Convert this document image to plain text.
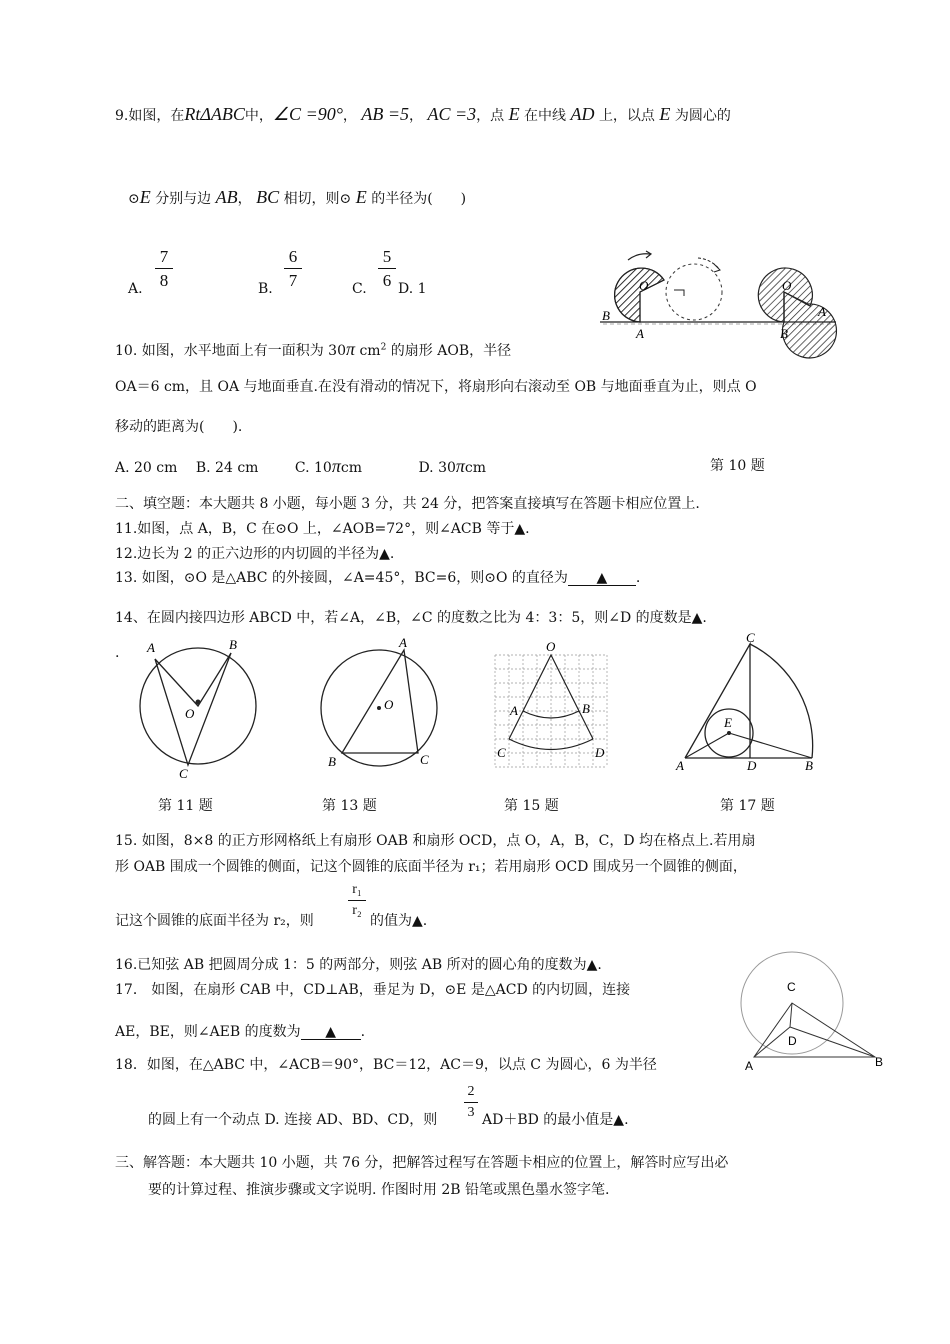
9.如图，在RtΔABC中，∠C =90°， AB =5， AC =3，点 E 在中线 AD 上，以点 E 为圆心的
⊙E 分别与边 AB， BC 相切，则⊙ E 的半径为(　　)
A.
7
8	B.
6
7	C.
5
6 D. 1
B
A
O
B
O
A
10. 如图，水平地面上有一面积为 30π $cm^2$ 的扇形 AOB，半径
OA＝6 cm，且 OA 与地面垂直.在没有滑动的情况下，将扇形向右滚动至 OB 与地面垂直为止，则点 O
移动的距离为(　　).
A. 20 cm B. 24 cm	C. 10πcm	D. 30πcm	第 10 题
二、填空题：本大题共 8 小题，每小题 3 分，共 24 分，把答案直接填写在答题卡相应位置上.
11.如图，点 A，B，C 在⊙O 上，∠AOB=72°，则∠ACB 等于▲.
12.边长为 2 的正六边形的内切圆的半径为▲.
13. 如图，⊙O 是△ABC 的外接圆，∠A=45°，BC=6，则⊙O 的直径为 ▲ .
14、在圆内接四边形 ABCD 中，若∠A，∠B，∠C 的度数之比为 4：3：5，则∠D 的度数是▲.
. A	B
O
C
第 11 题
A
O
B	C
第 13 题
O
A	B
C	D
第 15 题
C
E
A	D	B
第 17 题
15. 如图，8×8 的正方形网格纸上有扇形 OAB 和扇形 OCD，点 O，A，B，C，D 均在格点上.若用扇
形 OAB 围成一个圆锥的侧面，记这个圆锥的底面半径为 r₁；若用扇形 OCD 围成另一个圆锥的侧面，
记这个圆锥的底面半径为 r₂，则
r₁
r₂
的值为▲.
16.已知弦 AB 把圆周分成 1：5 的两部分，则弦 AB 所对的圆心角的度数为▲.
17． 如图，在扇形 CAB 中，CD⊥AB，垂足为 D，⊙E 是△ACD 的内切圆，连接
AE，BE，则∠AEB 的度数为 ▲ .
C
D
A	B
18．如图，在△ABC 中，∠ACB＝90°，BC＝12，AC＝9，以点 C 为圆心，6 为半径
的圆上有一个动点 D. 连接 AD、BD、CD，则
2
3 AD＋BD 的最小值是▲.
三、解答题：本大题共 10 小题，共 76 分，把解答过程写在答题卡相应的位置上，解答时应写出必
要的计算过程、推演步骤或文字说明. 作图时用 2B 铅笔或黑色墨水签字笔.
